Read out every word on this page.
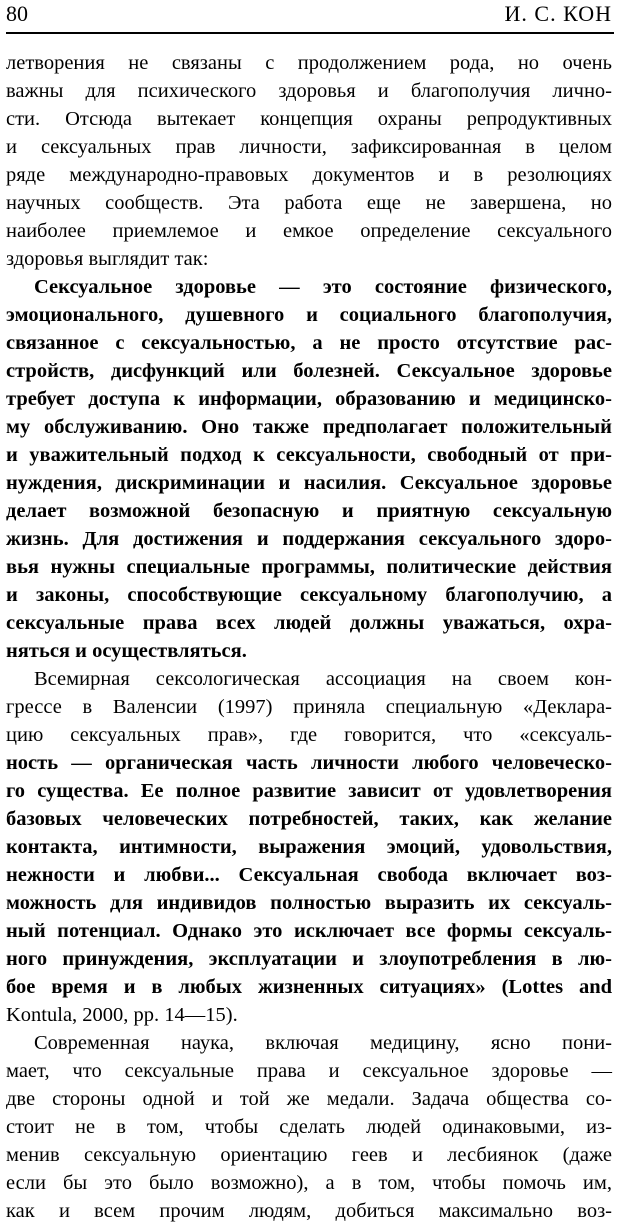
80	И. С. КОН
летворения не связаны с продолжением рода, но очень
важны для психического здоровья и благополучия лично-
сти. Отсюда вытекает концепция охраны репродуктивных
и сексуальных прав личности, зафиксированная в целом
ряде международно-правовых документов и в резолюциях
научных сообществ. Эта работа еще не завершена, но
наиболее приемлемое и емкое определение сексуального
здоровья выглядит так:
Сексуальное здоровье — это состояние физического,
эмоционального, душевного и социального благополучия,
связанное с сексуальностью, а не просто отсутствие рас-
стройств, дисфункций или болезней. Сексуальное здоровье
требует доступа к информации, образованию и медицинско-
му обслуживанию. Оно также предполагает положительный
и уважительный подход к сексуальности, свободный от при-
нуждения, дискриминации и насилия. Сексуальное здоровье
делает возможной безопасную и приятную сексуальную
жизнь. Для достижения и поддержания сексуального здоро-
вья нужны специальные программы, политические действия
и законы, способствующие сексуальному благополучию, а
сексуальные права всех людей должны уважаться, охра-
няться и осуществляться.
Всемирная сексологическая ассоциация на своем кон-
грессе в Валенсии (1997) приняла специальную «Деклара-
цию сексуальных прав», где говорится, что «сексуаль-
ность — органическая часть личности любого человеческо-
го существа. Ее полное развитие зависит от удовлетворения
базовых человеческих потребностей, таких, как желание
контакта, интимности, выражения эмоций, удовольствия,
нежности и любви... Сексуальная свобода включает воз-
можность для индивидов полностью выразить их сексуаль-
ный потенциал. Однако это исключает все формы сексуаль-
ного принуждения, эксплуатации и злоупотребления в лю-
бое время и в любых жизненных ситуациях» (Lottes and
Kontula, 2000, pp. 14—15).
Современная наука, включая медицину, ясно пони-
мает, что сексуальные права и сексуальное здоровье —
две стороны одной и той же медали. Задача общества со-
стоит не в том, чтобы сделать людей одинаковыми, из-
менив сексуальную ориентацию геев и лесбиянок (даже
если бы это было возможно), а в том, чтобы помочь им,
как и всем прочим людям, добиться максимально воз-
